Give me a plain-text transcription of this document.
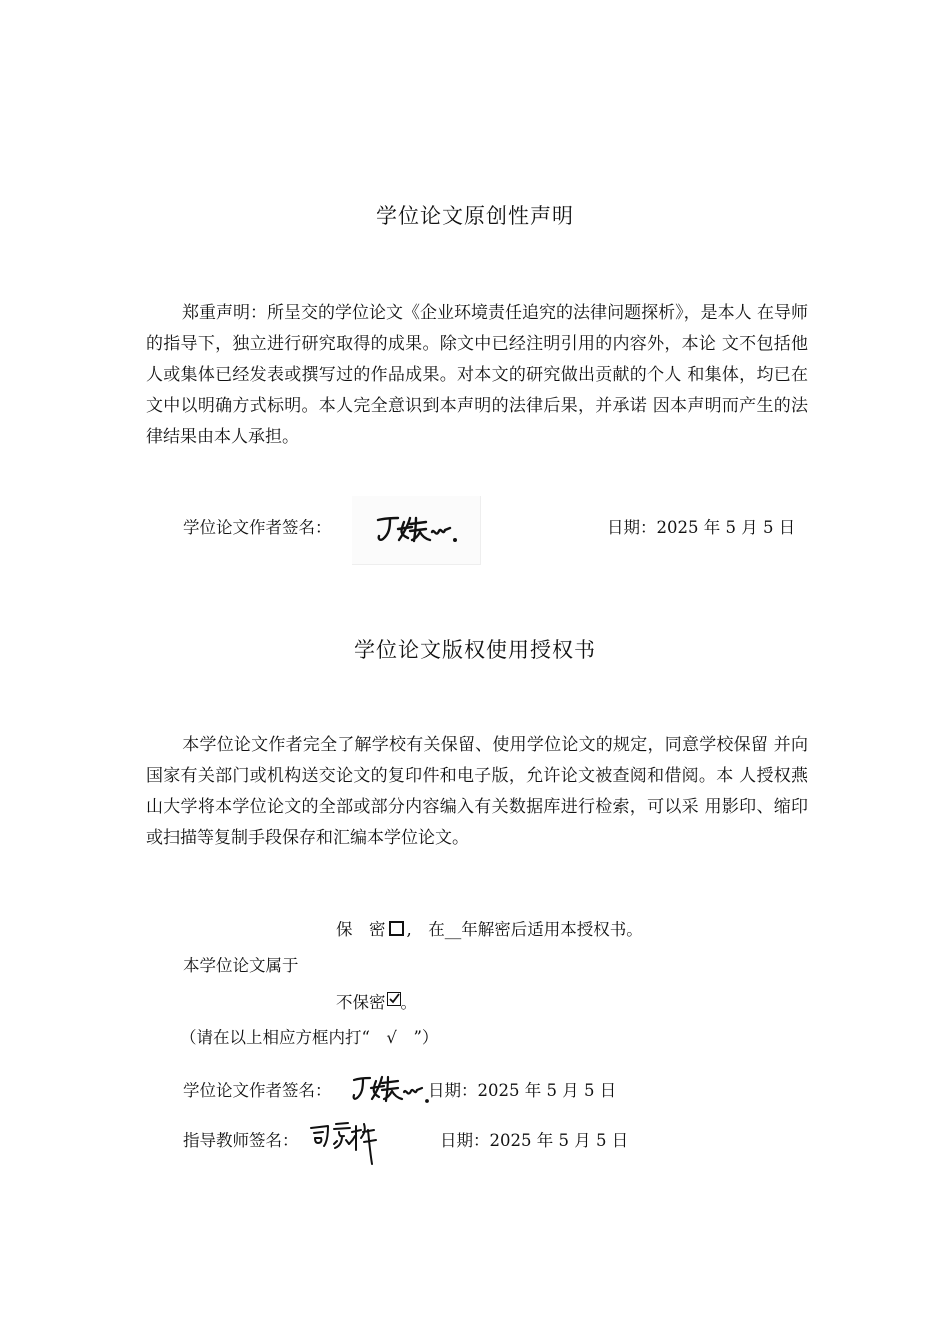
学位论文原创性声明
郑重声明：所呈交的学位论文《企业环境责任追究的法律问题探析》，是本人 在导师的指导下，独立进行研究取得的成果。除文中已经注明引用的内容外，本论 文不包括他人或集体已经发表或撰写过的作品成果。对本文的研究做出贡献的个人 和集体，均已在文中以明确方式标明。本人完全意识到本声明的法律后果，并承诺 因本声明而产生的法律结果由本人承担。
学位论文作者签名：	日期：2025 年 5 月 5 日
学位论文版权使用授权书
本学位论文作者完全了解学校有关保留、使用学位论文的规定，同意学校保留 并向国家有关部门或机构送交论文的复印件和电子版，允许论文被查阅和借阅。本 人授权燕山大学将本学位论文的全部或部分内容编入有关数据库进行检索，可以采 用影印、缩印或扫描等复制手段保存和汇编本学位论文。
保　密 ,　在__年解密后适用本授权书。
本学位论文属于
不保密 。
（请在以上相应方框内打“　√　”）
学位论文作者签名：	日期：2025 年 5 月 5 日
指导教师签名：	日期：2025 年 5 月 5 日
